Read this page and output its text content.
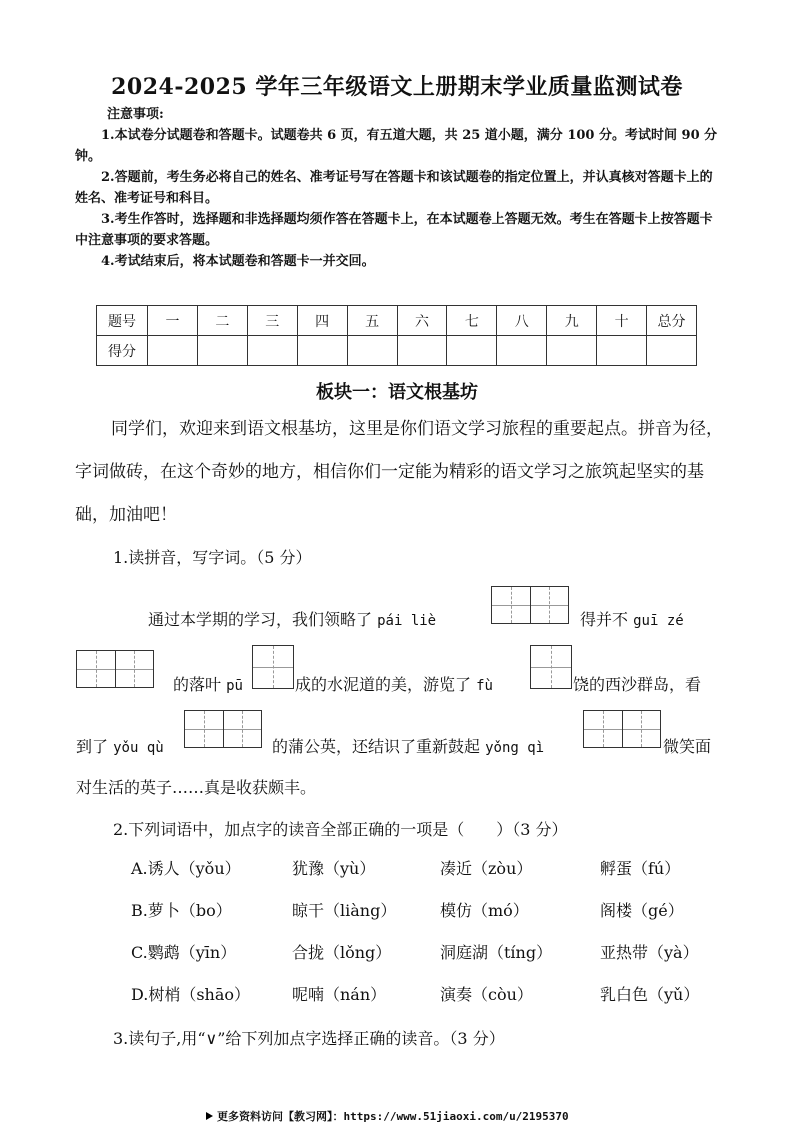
2024-2025 学年三年级语文上册期末学业质量监测试卷

注意事项:

1.本试卷分试题卷和答题卡。试题卷共 6 页，有五道大题，共 25 道小题，满分 100 分。考试时间 90 分钟。

2.答题前，考生务必将自己的姓名、准考证号写在答题卡和该试题卷的指定位置上，并认真核对答题卡上的姓名、准考证号和科目。

3.考生作答时，选择题和非选择题均须作答在答题卡上，在本试题卷上答题无效。考生在答题卡上按答题卡中注意事项的要求答题。

4.考试结束后，将本试题卷和答题卡一并交回。

题号	一	二	三	四	五	六	七	八	九	十	总分
得分											
板块一：语文根基坊

同学们，欢迎来到语文根基坊，这里是你们语文学习旅程的重要起点。拼音为径，字词做砖，在这个奇妙的地方，相信你们一定能为精彩的语文学习之旅筑起坚实的基础，加油吧！

1.读拼音，写字词。（5 分）
通过本学期的学习，我们领略了 pái liè	得并不 guī zé
的落叶 pū	成的水泥道的美，游览了 fù	饶的西沙群岛，看
到了 yǒu qù	的蒲公英，还结识了重新鼓起 yǒng qì	微笑面
对生活的英子……真是收获颇丰。
2.下列词语中，加点字的读音全部正确的一项是（　　）（3 分）
A.诱人（yǒu）	犹豫（yù）	凑近（zòu）	孵蛋（fú）
B.萝卜（bo）	晾干（liàng）	模仿（mó）	阁楼（gé）
C.鹦鹉（yīn）	合拢（lǒng）	洞庭湖（tíng）	亚热带（yà）
D.树梢（shāo）	呢喃（nán）	演奏（còu）	乳白色（yǔ）
3.读句子,用“∨”给下列加点字选择正确的读音。（3 分）
更多资料访问【教习网】：https://www.51jiaoxi.com/u/2195370
